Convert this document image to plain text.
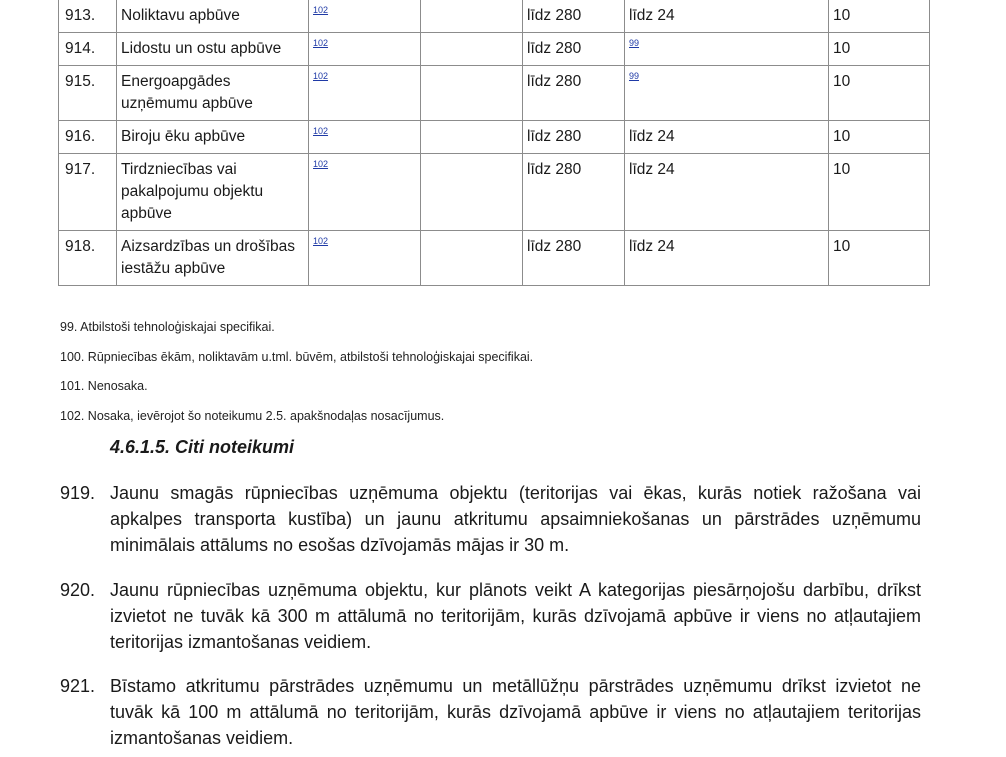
913.	Noliktavu apbūve	102		līdz 280	līdz 24	10
914.	Lidostu un ostu apbūve	102		līdz 280	99	10
915.	Energoapgādes uzņēmumu apbūve	102		līdz 280	99	10
916.	Biroju ēku apbūve	102		līdz 280	līdz 24	10
917.	Tirdzniecības vai pakalpojumu objektu apbūve	102		līdz 280	līdz 24	10
918.	Aizsardzības un drošības iestāžu apbūve	102		līdz 280	līdz 24	10

99. Atbilstoši tehnoloģiskajai specifikai.

100. Rūpniecības ēkām, noliktavām u.tml. būvēm, atbilstoši tehnoloģiskajai specifikai.

101. Nenosaka.

102. Nosaka, ievērojot šo noteikumu 2.5. apakšnodaļas nosacījumus.

4.6.1.5. Citi noteikumi
919. Jaunu smagās rūpniecības uzņēmuma objektu (teritorijas vai ēkas, kurās notiek ražošana vai apkalpes transporta kustība) un jaunu atkritumu apsaimniekošanas un pārstrādes uzņēmumu minimālais attālums no esošas dzīvojamās mājas ir 30 m.
920. Jaunu rūpniecības uzņēmuma objektu, kur plānots veikt A kategorijas piesārņojošu darbību, drīkst izvietot ne tuvāk kā 300 m attālumā no teritorijām, kurās dzīvojamā apbūve ir viens no atļautajiem teritorijas izmantošanas veidiem.
921. Bīstamo atkritumu pārstrādes uzņēmumu un metāllūžņu pārstrādes uzņēmumu drīkst izvietot ne tuvāk kā 100 m attālumā no teritorijām, kurās dzīvojamā apbūve ir viens no atļautajiem teritorijas izmantošanas veidiem.
